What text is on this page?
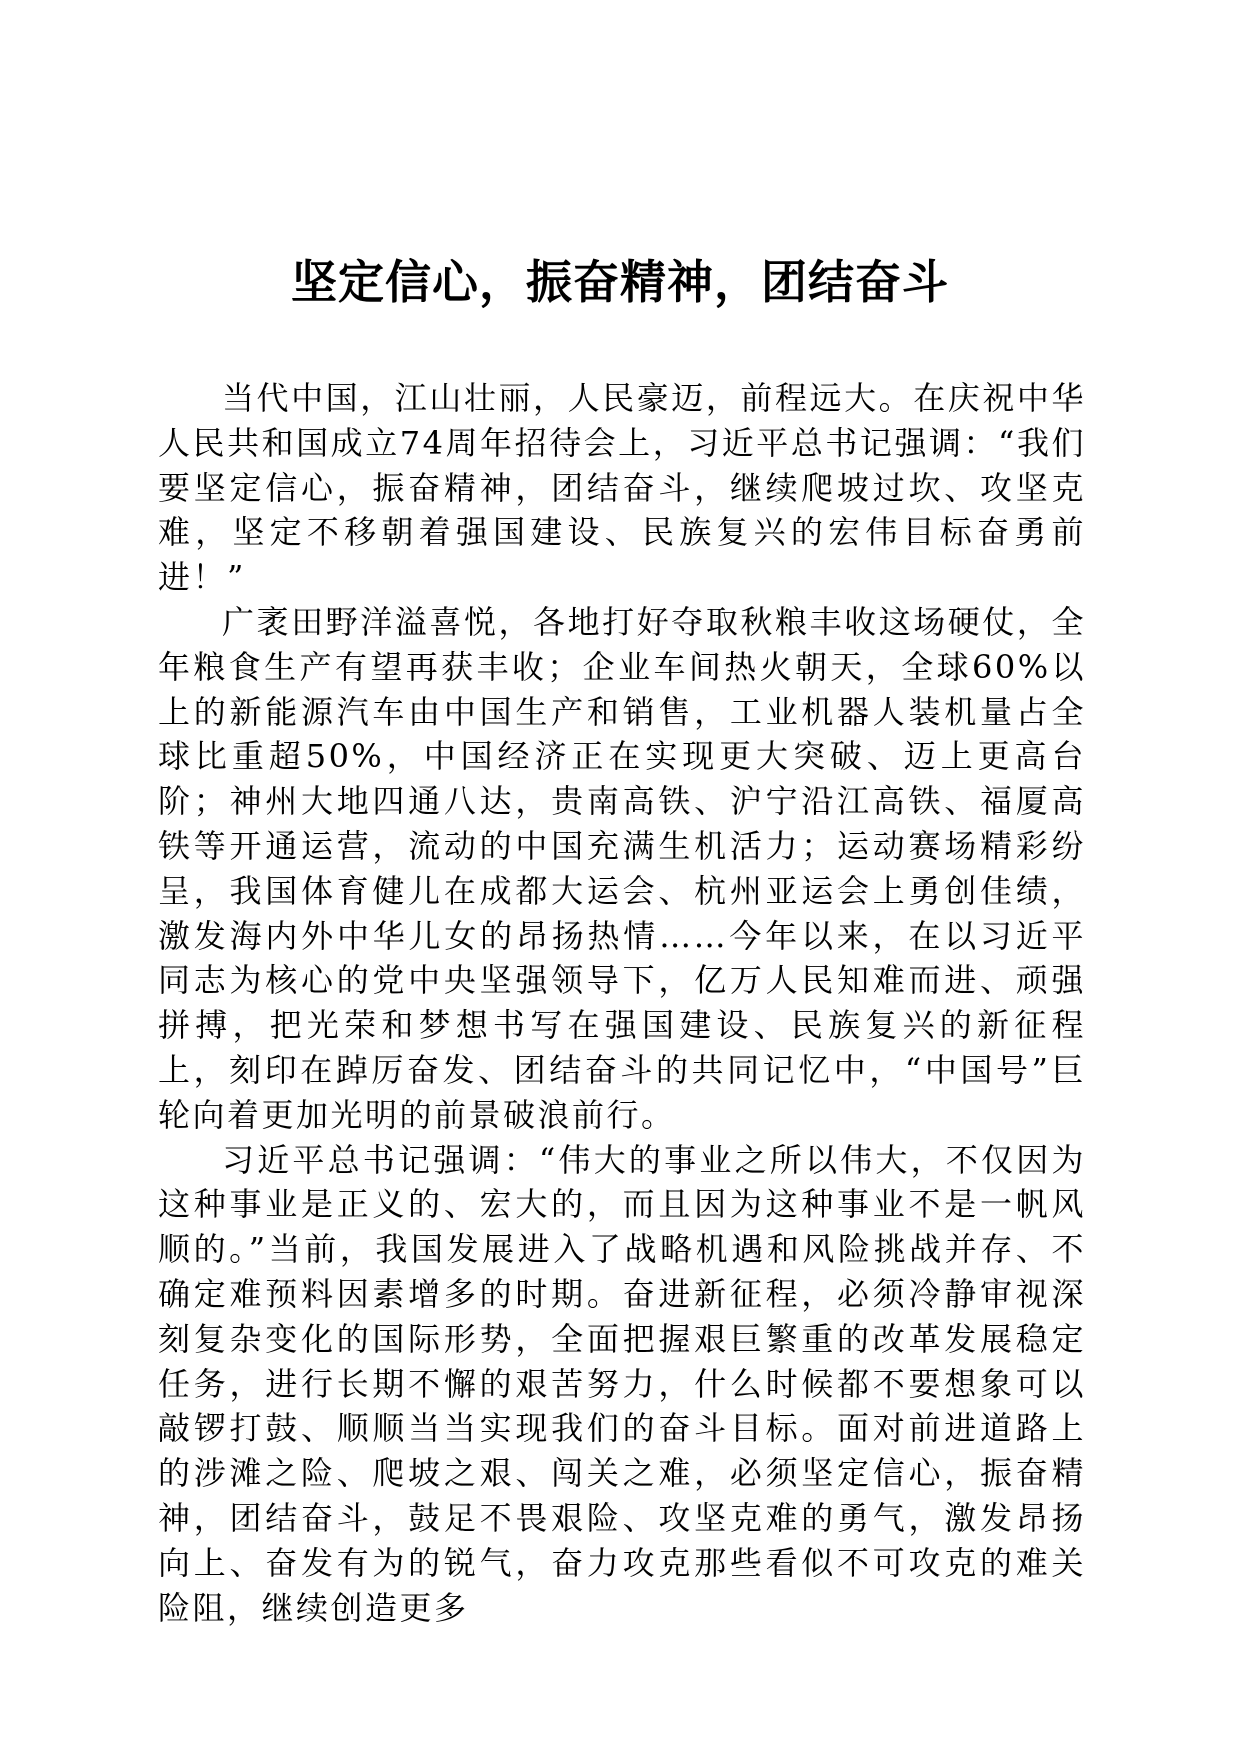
坚定信心，振奋精神，团结奋斗

当代中国，江山壮丽，人民豪迈，前程远大。在庆祝中华人民共和国成立74周年招待会上，习近平总书记强调：“我们要坚定信心，振奋精神，团结奋斗，继续爬坡过坎、攻坚克难，坚定不移朝着强国建设、民族复兴的宏伟目标奋勇前进！”

广袤田野洋溢喜悦，各地打好夺取秋粮丰收这场硬仗，全年粮食生产有望再获丰收；企业车间热火朝天，全球60%以上的新能源汽车由中国生产和销售，工业机器人装机量占全球比重超50%，中国经济正在实现更大突破、迈上更高台阶；神州大地四通八达，贵南高铁、沪宁沿江高铁、福厦高铁等开通运营，流动的中国充满生机活力；运动赛场精彩纷呈，我国体育健儿在成都大运会、杭州亚运会上勇创佳绩，激发海内外中华儿女的昂扬热情……今年以来，在以习近平同志为核心的党中央坚强领导下，亿万人民知难而进、顽强拼搏，把光荣和梦想书写在强国建设、民族复兴的新征程上，刻印在踔厉奋发、团结奋斗的共同记忆中，“中国号”巨轮向着更加光明的前景破浪前行。

习近平总书记强调：“伟大的事业之所以伟大，不仅因为这种事业是正义的、宏大的，而且因为这种事业不是一帆风顺的。”当前，我国发展进入了战略机遇和风险挑战并存、不确定难预料因素增多的时期。奋进新征程，必须冷静审视深刻复杂变化的国际形势，全面把握艰巨繁重的改革发展稳定任务，进行长期不懈的艰苦努力，什么时候都不要想象可以敲锣打鼓、顺顺当当实现我们的奋斗目标。面对前进道路上的涉滩之险、爬坡之艰、闯关之难，必须坚定信心，振奋精神，团结奋斗，鼓足不畏艰险、攻坚克难的勇气，激发昂扬向上、奋发有为的锐气，奋力攻克那些看似不可攻克的难关险阻，继续创造更多
